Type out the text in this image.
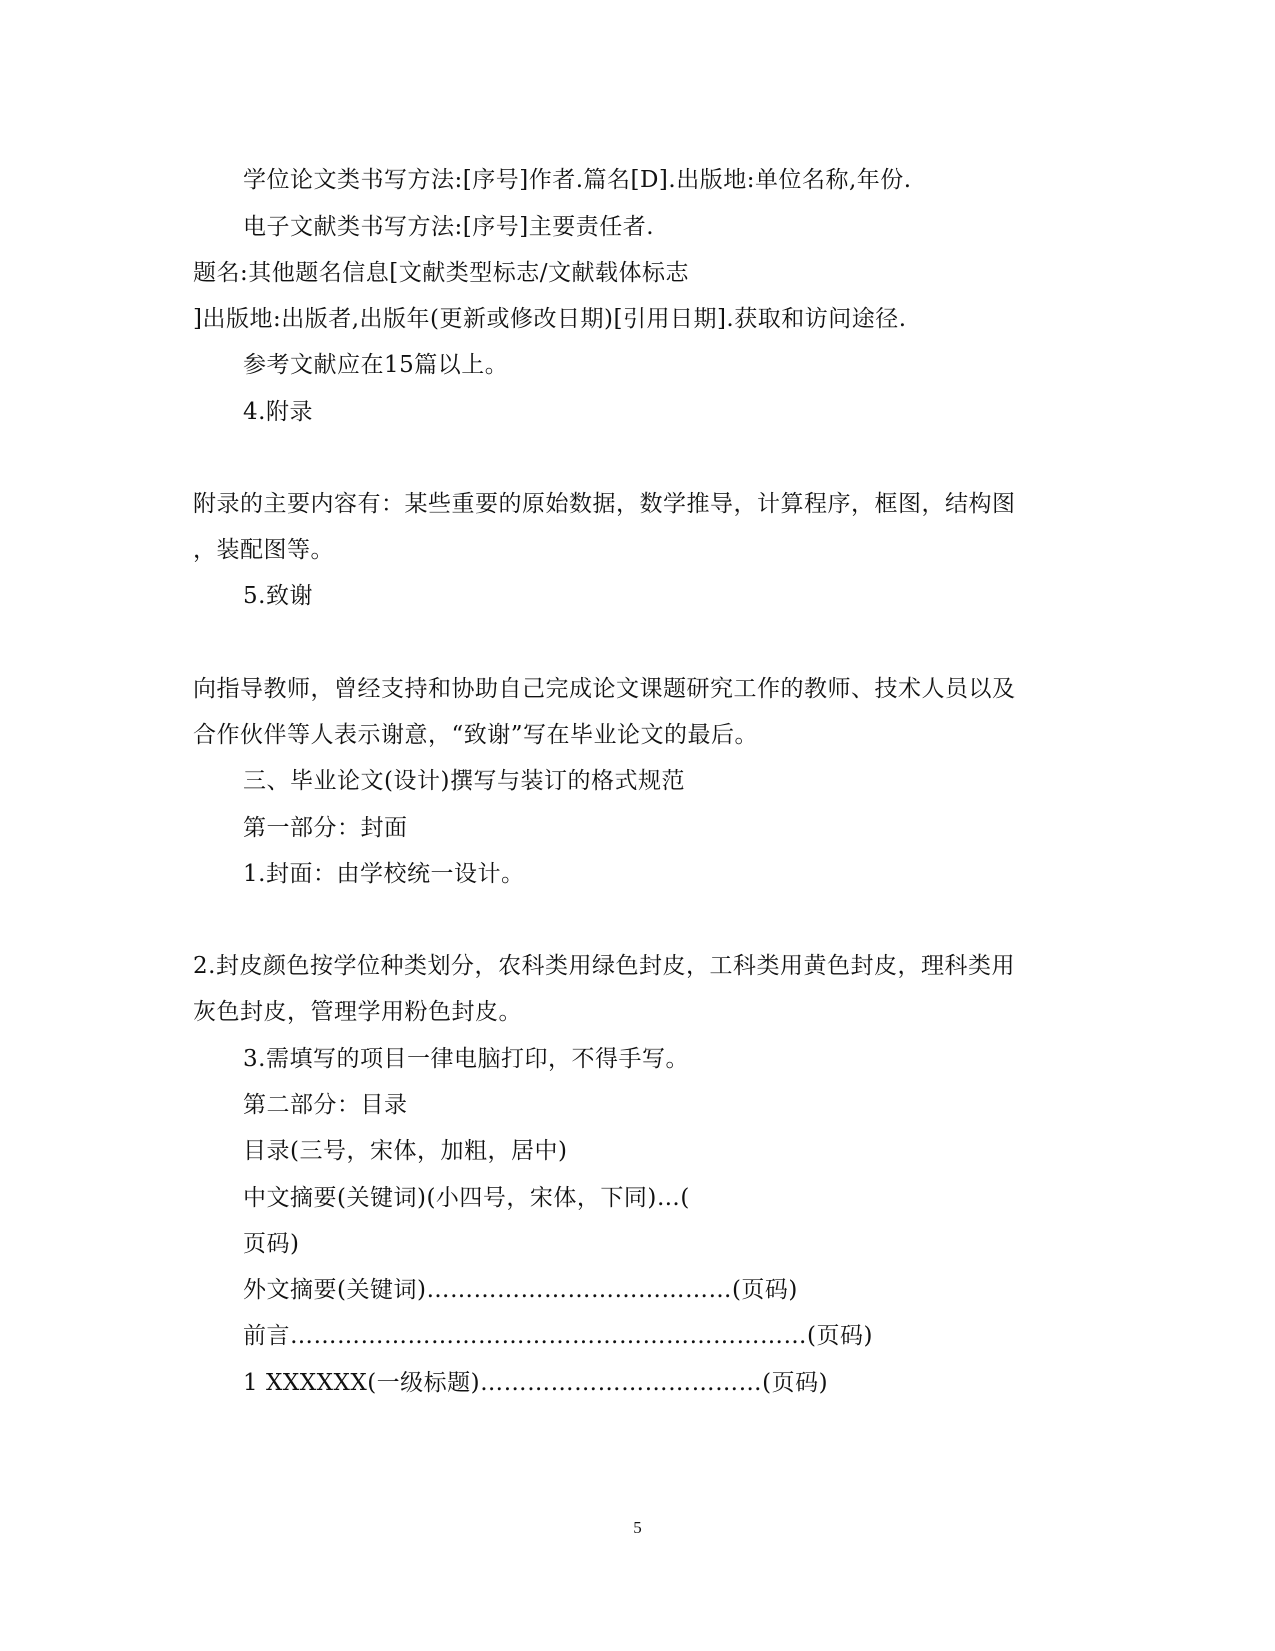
学位论文类书写方法:[序号]作者.篇名[D].出版地:单位名称,年份.
电子文献类书写方法:[序号]主要责任者.
题名:其他题名信息[文献类型标志/文献载体标志
]出版地:出版者,出版年(更新或修改日期)[引用日期].获取和访问途径.
参考文献应在15篇以上。
4.附录
附录的主要内容有：某些重要的原始数据，数学推导，计算程序，框图，结构图
，装配图等。
5.致谢
向指导教师，曾经支持和协助自己完成论文课题研究工作的教师、技术人员以及
合作伙伴等人表示谢意，“致谢”写在毕业论文的最后。
三、毕业论文(设计)撰写与装订的格式规范
第一部分：封面
1.封面：由学校统一设计。
2.封皮颜色按学位种类划分，农科类用绿色封皮，工科类用黄色封皮，理科类用
灰色封皮，管理学用粉色封皮。
3.需填写的项目一律电脑打印，不得手写。
第二部分：目录
目录(三号，宋体，加粗，居中)
中文摘要(关键词)(小四号，宋体，下同)…(
页码)
外文摘要(关键词)…………………………………(页码)
前言…………………………………………………………(页码)
1 XXXXXX(一级标题)………………………………(页码)
5
